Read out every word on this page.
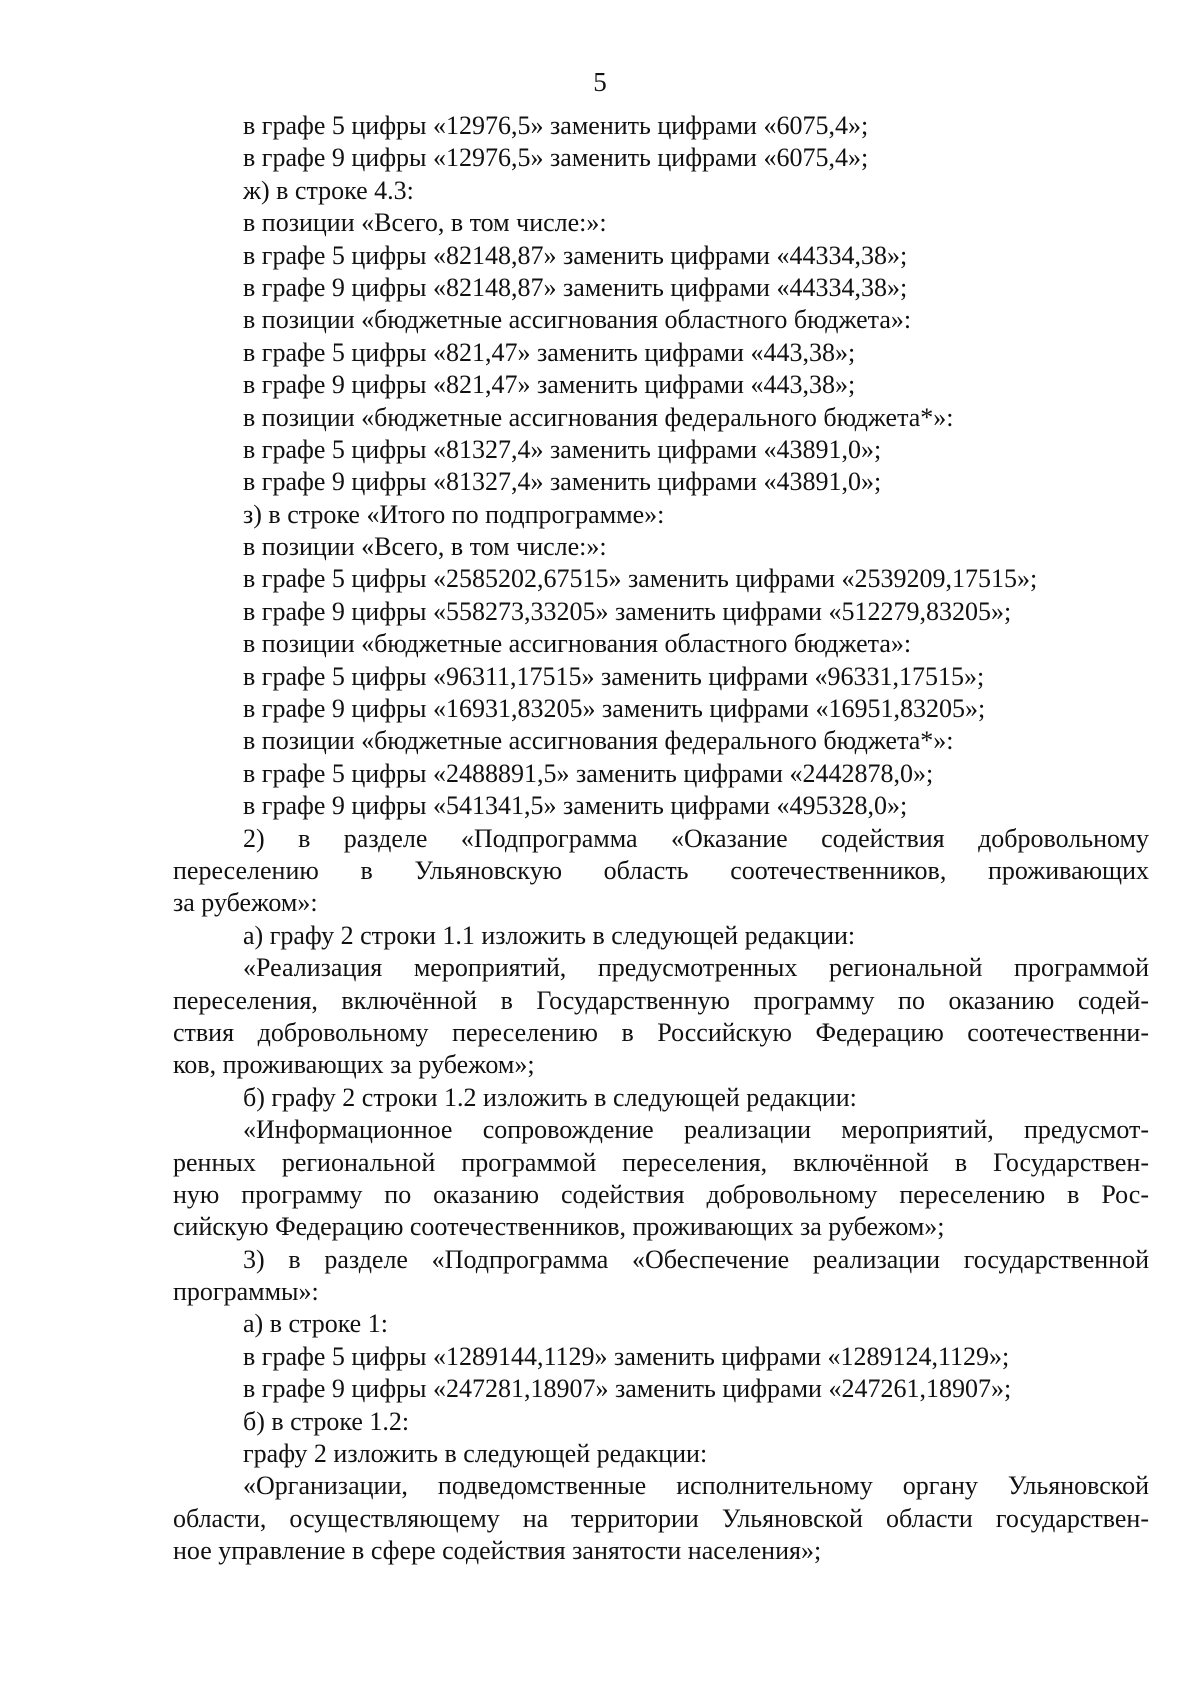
5
в графе 5 цифры «12976,5» заменить цифрами «6075,4»;
в графе 9 цифры «12976,5» заменить цифрами «6075,4»;
ж) в строке 4.3:
в позиции «Всего, в том числе:»:
в графе 5 цифры «82148,87» заменить цифрами «44334,38»;
в графе 9 цифры «82148,87» заменить цифрами «44334,38»;
в позиции «бюджетные ассигнования областного бюджета»:
в графе 5 цифры «821,47» заменить цифрами «443,38»;
в графе 9 цифры «821,47» заменить цифрами «443,38»;
в позиции «бюджетные ассигнования федерального бюджета*»:
в графе 5 цифры «81327,4» заменить цифрами «43891,0»;
в графе 9 цифры «81327,4» заменить цифрами «43891,0»;
з) в строке «Итого по подпрограмме»:
в позиции «Всего, в том числе:»:
в графе 5 цифры «2585202,67515» заменить цифрами «2539209,17515»;
в графе 9 цифры «558273,33205» заменить цифрами «512279,83205»;
в позиции «бюджетные ассигнования областного бюджета»:
в графе 5 цифры «96311,17515» заменить цифрами «96331,17515»;
в графе 9 цифры «16931,83205» заменить цифрами «16951,83205»;
в позиции «бюджетные ассигнования федерального бюджета*»:
в графе 5 цифры «2488891,5» заменить цифрами «2442878,0»;
в графе 9 цифры «541341,5» заменить цифрами «495328,0»;
2) в разделе «Подпрограмма «Оказание содействия добровольному
переселению в Ульяновскую область соотечественников, проживающих
за рубежом»:
а) графу 2 строки 1.1 изложить в следующей редакции:
«Реализация мероприятий, предусмотренных региональной программой
переселения, включённой в Государственную программу по оказанию содей-
ствия добровольному переселению в Российскую Федерацию соотечественни-
ков, проживающих за рубежом»;
б) графу 2 строки 1.2 изложить в следующей редакции:
«Информационное сопровождение реализации мероприятий, предусмот-
ренных региональной программой переселения, включённой в Государствен-
ную программу по оказанию содействия добровольному переселению в Рос-
сийскую Федерацию соотечественников, проживающих за рубежом»;
3) в разделе «Подпрограмма «Обеспечение реализации государственной
программы»:
а) в строке 1:
в графе 5 цифры «1289144,1129» заменить цифрами «1289124,1129»;
в графе 9 цифры «247281,18907» заменить цифрами «247261,18907»;
б) в строке 1.2:
графу 2 изложить в следующей редакции:
«Организации, подведомственные исполнительному органу Ульяновской
области, осуществляющему на территории Ульяновской области государствен-
ное управление в сфере содействия занятости населения»;
